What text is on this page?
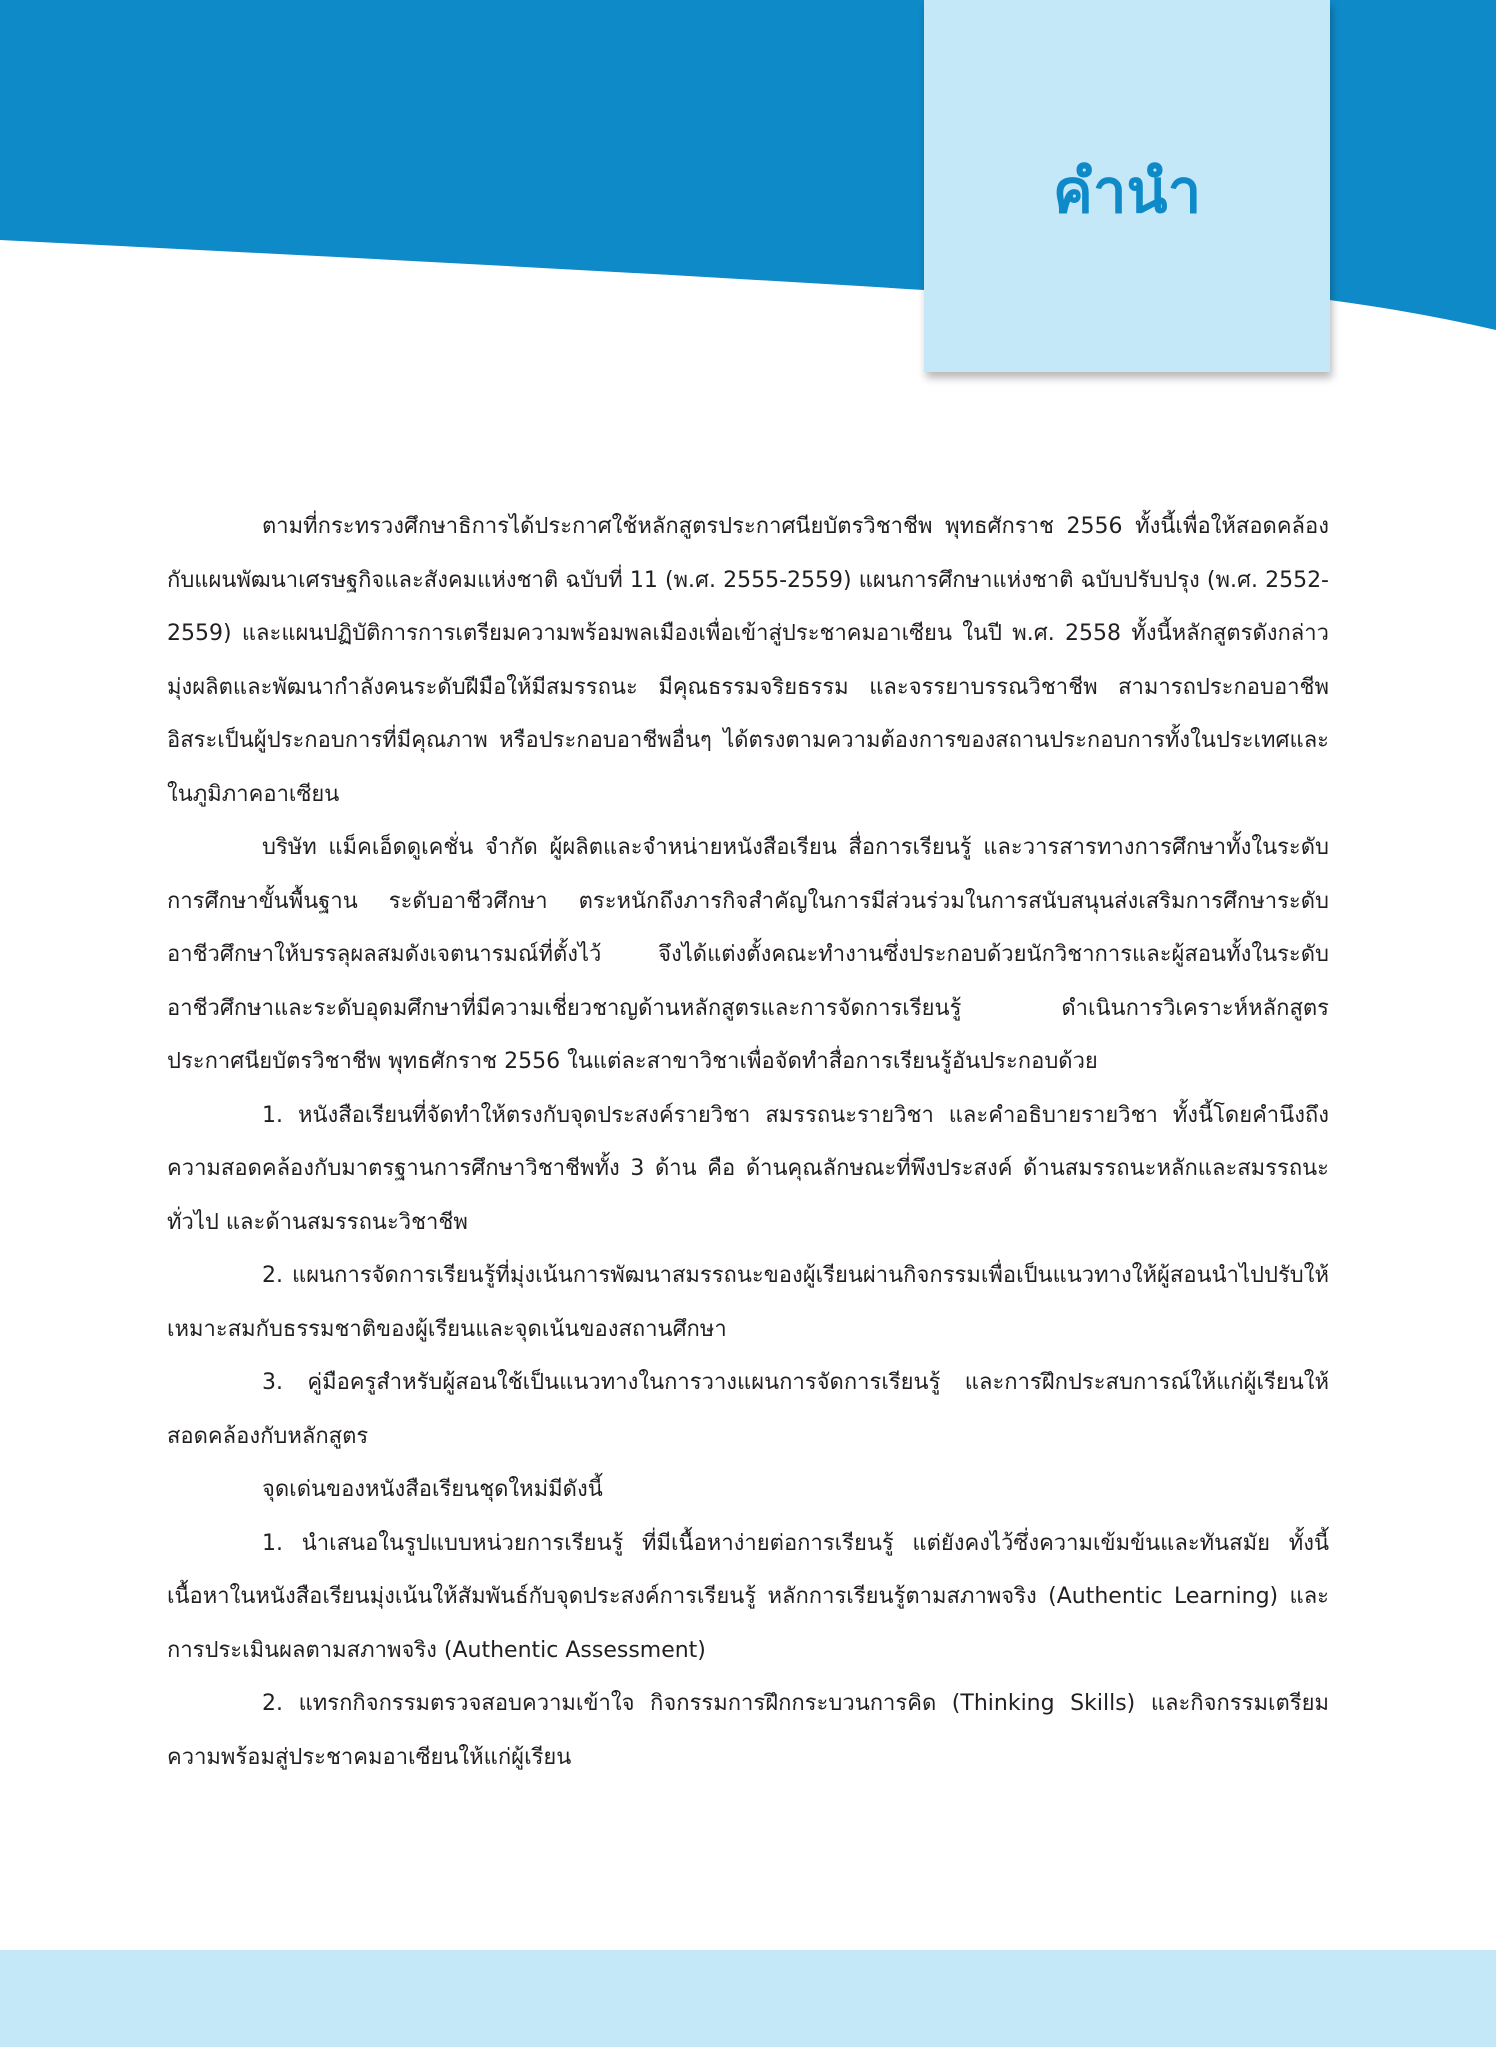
คำนำ

ตามที่กระทรวงศึกษาธิการได้ประกาศใช้หลักสูตรประกาศนียบัตรวิชาชีพ พุทธศักราช 2556 ทั้งนี้เพื่อให้สอดคล้องกับแผนพัฒนาเศรษฐกิจและสังคมแห่งชาติ ฉบับที่ 11 (พ.ศ. 2555-2559) แผนการศึกษาแห่งชาติ ฉบับปรับปรุง (พ.ศ. 2552-2559) และแผนปฏิบัติการการเตรียมความพร้อมพลเมืองเพื่อเข้าสู่ประชาคมอาเซียน ในปี พ.ศ. 2558 ทั้งนี้หลักสูตรดังกล่าวมุ่งผลิตและพัฒนากำลังคนระดับฝีมือให้มีสมรรถนะ มีคุณธรรมจริยธรรม และจรรยาบรรณวิชาชีพ สามารถประกอบอาชีพอิสระเป็นผู้ประกอบการที่มีคุณภาพ หรือประกอบอาชีพอื่นๆ ได้ตรงตามความต้องการของสถานประกอบการทั้งในประเทศและในภูมิภาคอาเซียน

บริษัท แม็คเอ็ดดูเคชั่น จำกัด ผู้ผลิตและจำหน่ายหนังสือเรียน สื่อการเรียนรู้ และวารสารทางการศึกษาทั้งในระดับการศึกษาขั้นพื้นฐาน ระดับอาชีวศึกษา ตระหนักถึงภารกิจสำคัญในการมีส่วนร่วมในการสนับสนุนส่งเสริมการศึกษาระดับอาชีวศึกษาให้บรรลุผลสมดังเจตนารมณ์ที่ตั้งไว้ จึงได้แต่งตั้งคณะทำงานซึ่งประกอบด้วยนักวิชาการและผู้สอนทั้งในระดับอาชีวศึกษาและระดับอุดมศึกษาที่มีความเชี่ยวชาญด้านหลักสูตรและการจัดการเรียนรู้ ดำเนินการวิเคราะห์หลักสูตรประกาศนียบัตรวิชาชีพ พุทธศักราช 2556 ในแต่ละสาขาวิชาเพื่อจัดทำสื่อการเรียนรู้อันประกอบด้วย

1. หนังสือเรียนที่จัดทำให้ตรงกับจุดประสงค์รายวิชา สมรรถนะรายวิชา และคำอธิบายรายวิชา ทั้งนี้โดยคำนึงถึงความสอดคล้องกับมาตรฐานการศึกษาวิชาชีพทั้ง 3 ด้าน คือ ด้านคุณลักษณะที่พึงประสงค์ ด้านสมรรถนะหลักและสมรรถนะทั่วไป และด้านสมรรถนะวิชาชีพ

2. แผนการจัดการเรียนรู้ที่มุ่งเน้นการพัฒนาสมรรถนะของผู้เรียนผ่านกิจกรรมเพื่อเป็นแนวทางให้ผู้สอนนำไปปรับให้เหมาะสมกับธรรมชาติของผู้เรียนและจุดเน้นของสถานศึกษา

3. คู่มือครูสำหรับผู้สอนใช้เป็นแนวทางในการวางแผนการจัดการเรียนรู้ และการฝึกประสบการณ์ให้แก่ผู้เรียนให้สอดคล้องกับหลักสูตร

จุดเด่นของหนังสือเรียนชุดใหม่มีดังนี้

1. นำเสนอในรูปแบบหน่วยการเรียนรู้ ที่มีเนื้อหาง่ายต่อการเรียนรู้ แต่ยังคงไว้ซึ่งความเข้มข้นและทันสมัย ทั้งนี้เนื้อหาในหนังสือเรียนมุ่งเน้นให้สัมพันธ์กับจุดประสงค์การเรียนรู้ หลักการเรียนรู้ตามสภาพจริง (Authentic Learning) และการประเมินผลตามสภาพจริง (Authentic Assessment)

2. แทรกกิจกรรมตรวจสอบความเข้าใจ กิจกรรมการฝึกกระบวนการคิด (Thinking Skills) และกิจกรรมเตรียมความพร้อมสู่ประชาคมอาเซียนให้แก่ผู้เรียน
